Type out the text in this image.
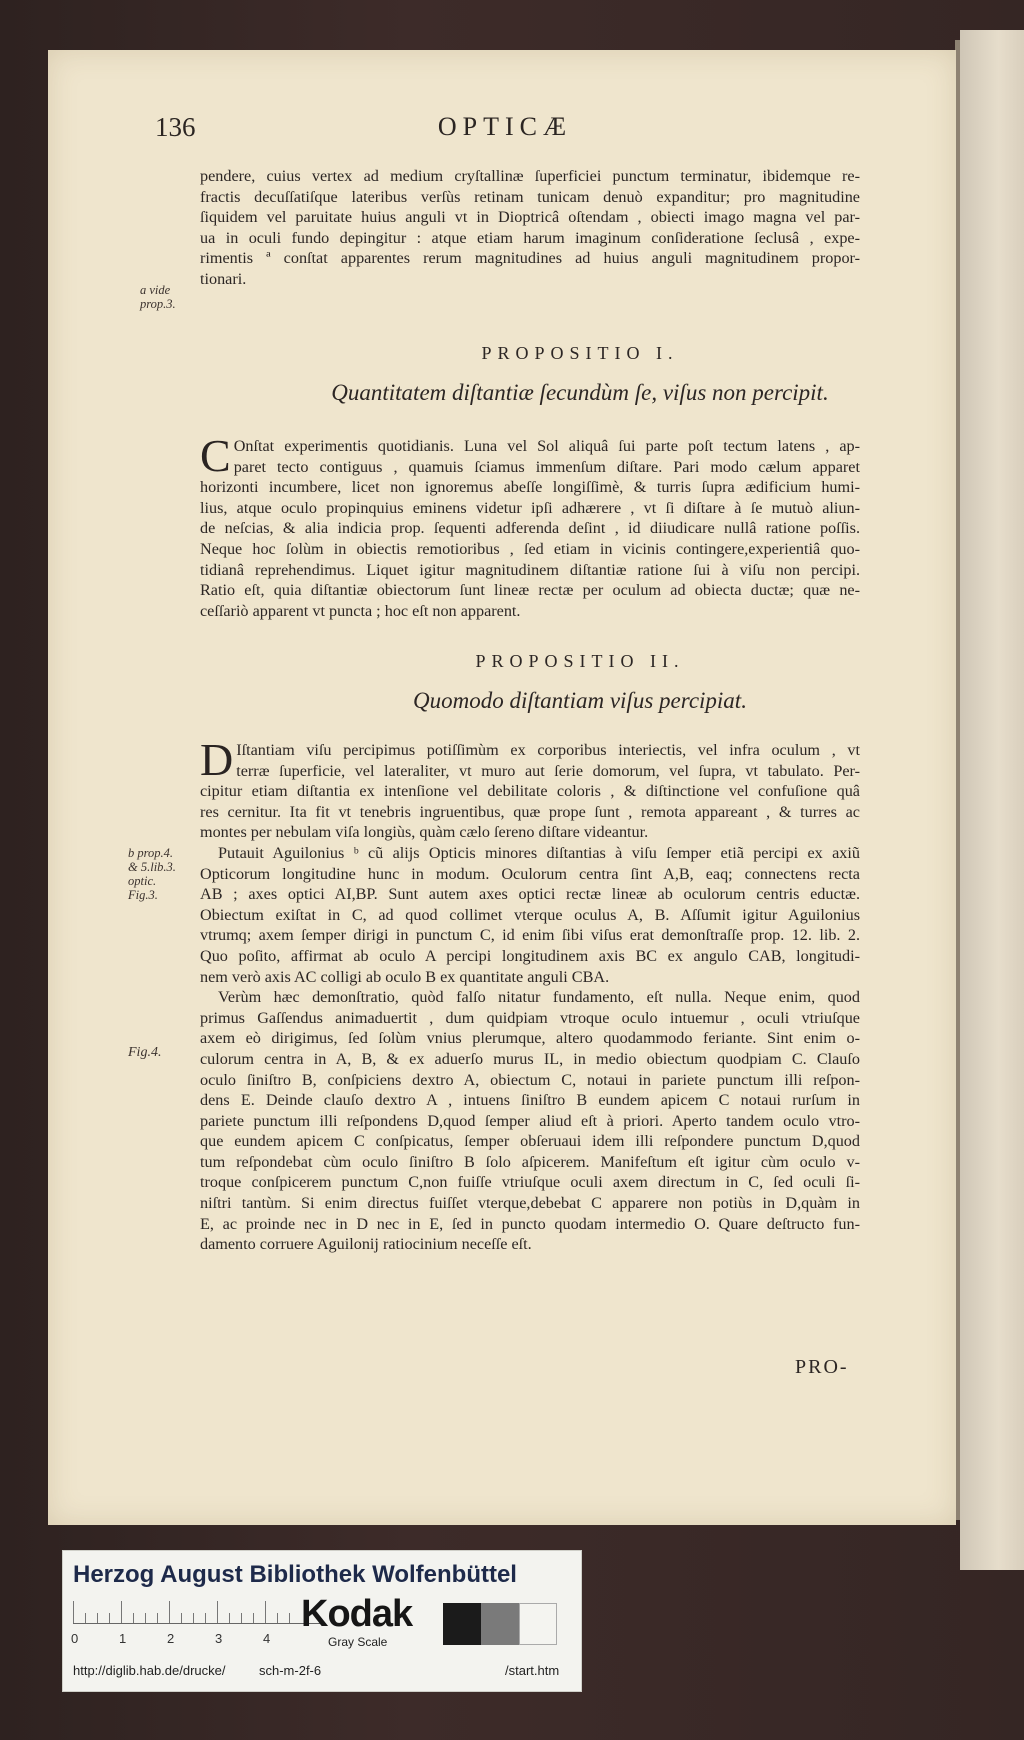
136	OPTICÆ
pendere, cuius vertex ad medium cryſtallinæ ſuperficiei punctum terminatur, ibidemque re-
fractis decuſſatiſque lateribus verſùs retinam tunicam denuò expanditur; pro magnitudine
ſiquidem vel paruitate huius anguli vt in Dioptricâ oſtendam , obiecti imago magna vel par-
ua in oculi fundo depingitur : atque etiam harum imaginum conſideratione ſeclusâ , expe-
rimentis ª conſtat apparentes rerum magnitudines ad huius anguli magnitudinem propor-
tionari.
a vide
prop.3.
PROPOSITIO I.
Quantitatem diſtantiæ ſecundùm ſe, viſus non percipit.
C Onſtat experimentis quotidianis. Luna vel Sol aliquâ ſui parte poſt tectum latens , ap-
paret tecto contiguus , quamuis ſciamus immenſum diſtare. Pari modo cælum apparet
horizonti incumbere, licet non ignoremus abeſſe longiſſimè, & turris ſupra ædificium humi-
lius, atque oculo propinquius eminens videtur ipſi adhærere , vt ſi diſtare à ſe mutuò aliun-
de neſcias, & alia indicia prop. ſequenti adferenda deſint , id diiudicare nullâ ratione poſſis.
Neque hoc ſolùm in obiectis remotioribus , ſed etiam in vicinis contingere,experientiâ quo-
tidianâ reprehendimus. Liquet igitur magnitudinem diſtantiæ ratione ſui à viſu non percipi.
Ratio eſt, quia diſtantiæ obiectorum ſunt lineæ rectæ per oculum ad obiecta ductæ; quæ ne-
ceſſariò apparent vt puncta ; hoc eſt non apparent.
PROPOSITIO II.
Quomodo diſtantiam viſus percipiat.
D Iſtantiam viſu percipimus potiſſimùm ex corporibus interiectis, vel infra oculum , vt
terræ ſuperficie, vel lateraliter, vt muro aut ſerie domorum, vel ſupra, vt tabulato. Per-
cipitur etiam diſtantia ex intenſione vel debilitate coloris , & diſtinctione vel confuſione quâ
res cernitur. Ita fit vt tenebris ingruentibus, quæ prope ſunt , remota appareant , & turres ac
montes per nebulam viſa longiùs, quàm cælo ſereno diſtare videantur.
Putauit Aguilonius ᵇ cũ alijs Opticis minores diſtantias à viſu ſemper etiã percipi ex axiũ
Opticorum longitudine hunc in modum. Oculorum centra ſint A,B, eaq; connectens recta
AB ; axes optici AI,BP. Sunt autem axes optici rectæ lineæ ab oculorum centris eductæ.
Obiectum exiſtat in C, ad quod collimet vterque oculus A, B. Aſſumit igitur Aguilonius
vtrumq; axem ſemper dirigi in punctum C, id enim ſibi viſus erat demonſtraſſe prop. 12. lib. 2.
Quo poſito, affirmat ab oculo A percipi longitudinem axis BC ex angulo CAB, longitudi-
nem verò axis AC colligi ab oculo B ex quantitate anguli CBA.
Verùm hæc demonſtratio, quòd falſo nitatur fundamento, eſt nulla. Neque enim, quod
primus Gaſſendus animaduertit , dum quidpiam vtroque oculo intuemur , oculi vtriuſque
axem eò dirigimus, ſed ſolùm vnius plerumque, altero quodammodo feriante. Sint enim o-
culorum centra in A, B, & ex aduerſo murus IL, in medio obiectum quodpiam C. Clauſo
oculo ſiniſtro B, conſpiciens dextro A, obiectum C, notaui in pariete punctum illi reſpon-
dens E. Deinde clauſo dextro A , intuens ſiniſtro B eundem apicem C notaui rurſum in
pariete punctum illi reſpondens D,quod ſemper aliud eſt à priori. Aperto tandem oculo vtro-
que eundem apicem C conſpicatus, ſemper obſeruaui idem illi reſpondere punctum D,quod
tum reſpondebat cùm oculo ſiniſtro B ſolo aſpicerem. Manifeſtum eſt igitur cùm oculo v-
troque conſpicerem punctum C,non fuiſſe vtriuſque oculi axem directum in C, ſed oculi ſi-
niſtri tantùm. Si enim directus fuiſſet vterque,debebat C apparere non potiùs in D,quàm in
E, ac proinde nec in D nec in E, ſed in puncto quodam intermedio O. Quare deſtructo fun-
damento corruere Aguilonij ratiocinium neceſſe eſt.
b prop.4.
& 5.lib.3.
optic.
Fig.3.
Fig.4.
PRO-
Herzog August Bibliothek Wolfenbüttel
0	1	2	3	4
Kodak
Gray Scale
http://diglib.hab.de/drucke/	sch-m-2f-6	/start.htm
